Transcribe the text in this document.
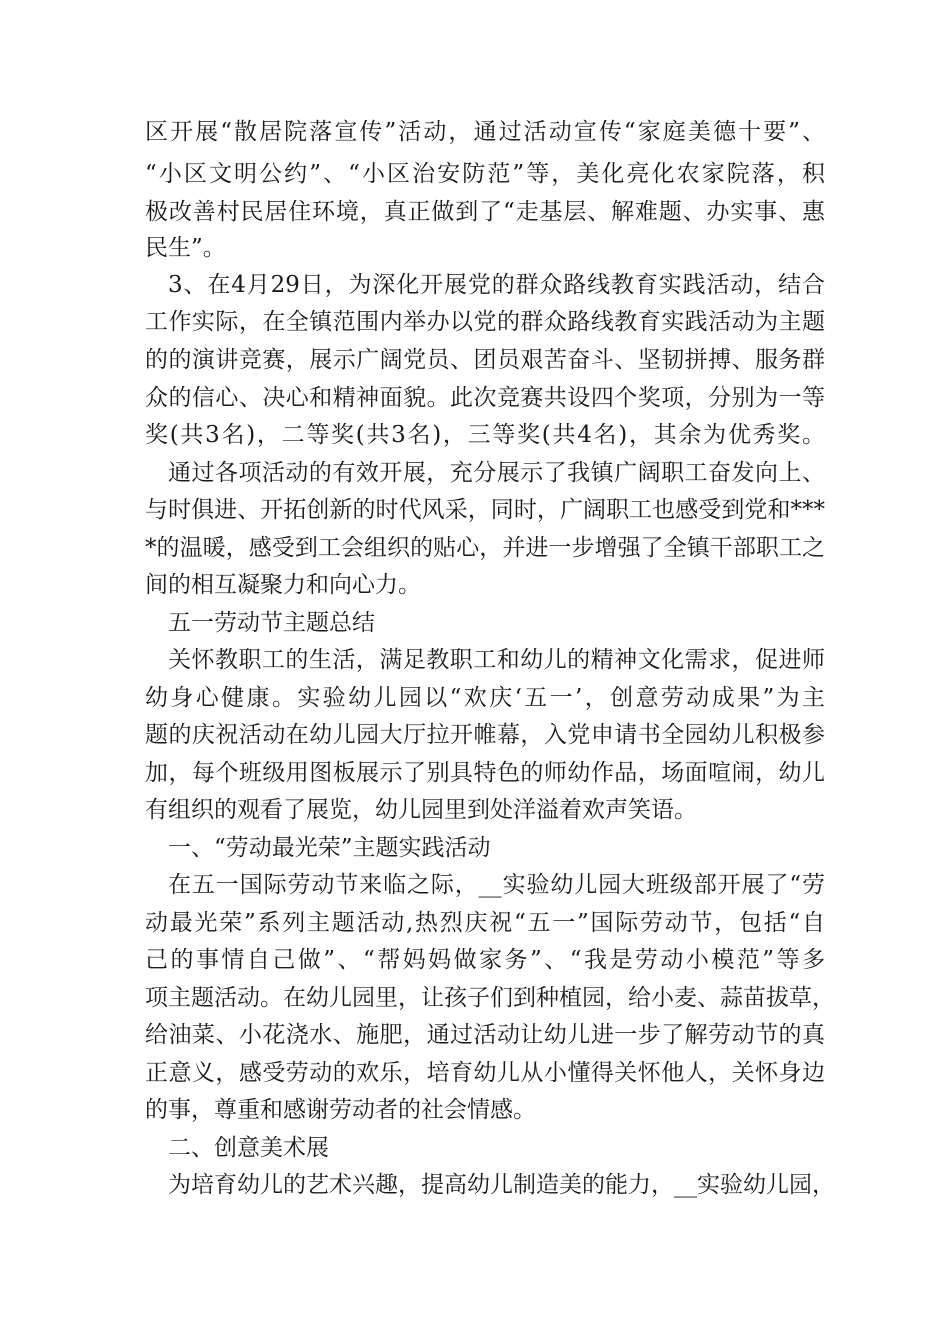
区开展“散居院落宣传”活动，通过活动宣传“家庭美德十要”、
“小区文明公约”、“小区治安防范”等，美化亮化农家院落，积
极改善村民居住环境，真正做到了“走基层、解难题、办实事、惠
民生”。
3、在4月29日，为深化开展党的群众路线教育实践活动，结合
工作实际，在全镇范围内举办以党的群众路线教育实践活动为主题
的的演讲竞赛，展示广阔党员、团员艰苦奋斗、坚韧拼搏、服务群
众的信心、决心和精神面貌。此次竞赛共设四个奖项，分别为一等
奖(共3名)，二等奖(共3名)，三等奖(共4名)，其余为优秀奖。
通过各项活动的有效开展，充分展示了我镇广阔职工奋发向上、
与时俱进、开拓创新的时代风采，同时，广阔职工也感受到党和***
*的温暖，感受到工会组织的贴心，并进一步增强了全镇干部职工之
间的相互凝聚力和向心力。
五一劳动节主题总结
关怀教职工的生活，满足教职工和幼儿的精神文化需求，促进师
幼身心健康。实验幼儿园以“欢庆‘五一’，创意劳动成果”为主
题的庆祝活动在幼儿园大厅拉开帷幕，入党申请书全园幼儿积极参
加，每个班级用图板展示了别具特色的师幼作品，场面喧闹，幼儿
有组织的观看了展览，幼儿园里到处洋溢着欢声笑语。
一、“劳动最光荣”主题实践活动
在五一国际劳动节来临之际，__实验幼儿园大班级部开展了“劳
动最光荣”系列主题活动,热烈庆祝“五一”国际劳动节，包括“自
己的事情自己做”、“帮妈妈做家务”、“我是劳动小模范”等多
项主题活动。在幼儿园里，让孩子们到种植园，给小麦、蒜苗拔草，
给油菜、小花浇水、施肥，通过活动让幼儿进一步了解劳动节的真
正意义，感受劳动的欢乐，培育幼儿从小懂得关怀他人，关怀身边
的事，尊重和感谢劳动者的社会情感。
二、创意美术展
为培育幼儿的艺术兴趣，提高幼儿制造美的能力，__实验幼儿园，
